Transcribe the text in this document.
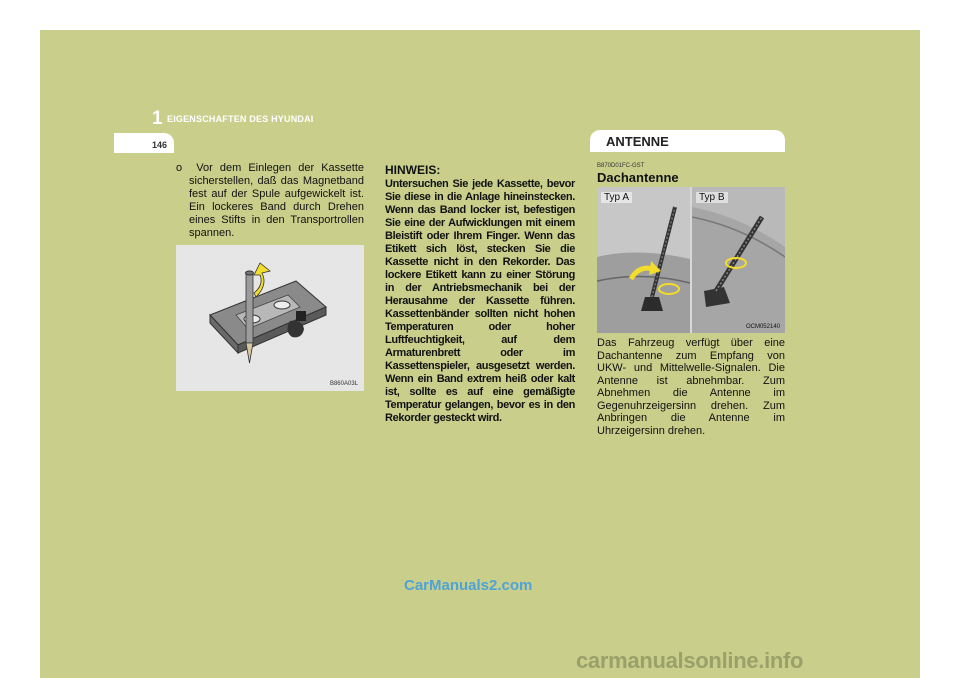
1 EIGENSCHAFTEN DES HYUNDAI
146	ANTENNE
o Vor dem Einlegen der Kassette sicherstellen, daß das Magnetband fest auf der Spule aufgewickelt ist. Ein lockeres Band durch Drehen eines Stifts in den Transportrollen spannen.
B860A03L

HINWEIS:

Untersuchen Sie jede Kassette, bevor Sie diese in die Anlage hineinstecken. Wenn das Band locker ist, befestigen Sie eine der Aufwicklungen mit einem Bleistift oder Ihrem Finger. Wenn das Etikett sich löst, stecken Sie die Kassette nicht in den Rekorder. Das lockere Etikett kann zu einer Störung in der Antriebsmechanik bei der Herausahme der Kassette führen. Kassettenbänder sollten nicht hohen Temperaturen oder hoher Luftfeuchtigkeit, auf dem Armaturenbrett oder im Kassettenspieler, ausgesetzt werden. Wenn ein Band extrem heiß oder kalt ist, sollte es auf eine gemäßigte Temperatur gelangen, bevor es in den Rekorder gesteckt wird.

B870D01FC-GST

Dachantenne

Typ A	Typ B
OCM052140

Das Fahrzeug verfügt über eine Dachantenne zum Empfang von UKW- und Mittelwelle-Signalen. Die Antenne ist abnehmbar. Zum Abnehmen die Antenne im Gegenuhrzeigersinn drehen. Zum Anbringen die Antenne im Uhrzeigersinn drehen.

CarManuals2.com
carmanualsonline.info
